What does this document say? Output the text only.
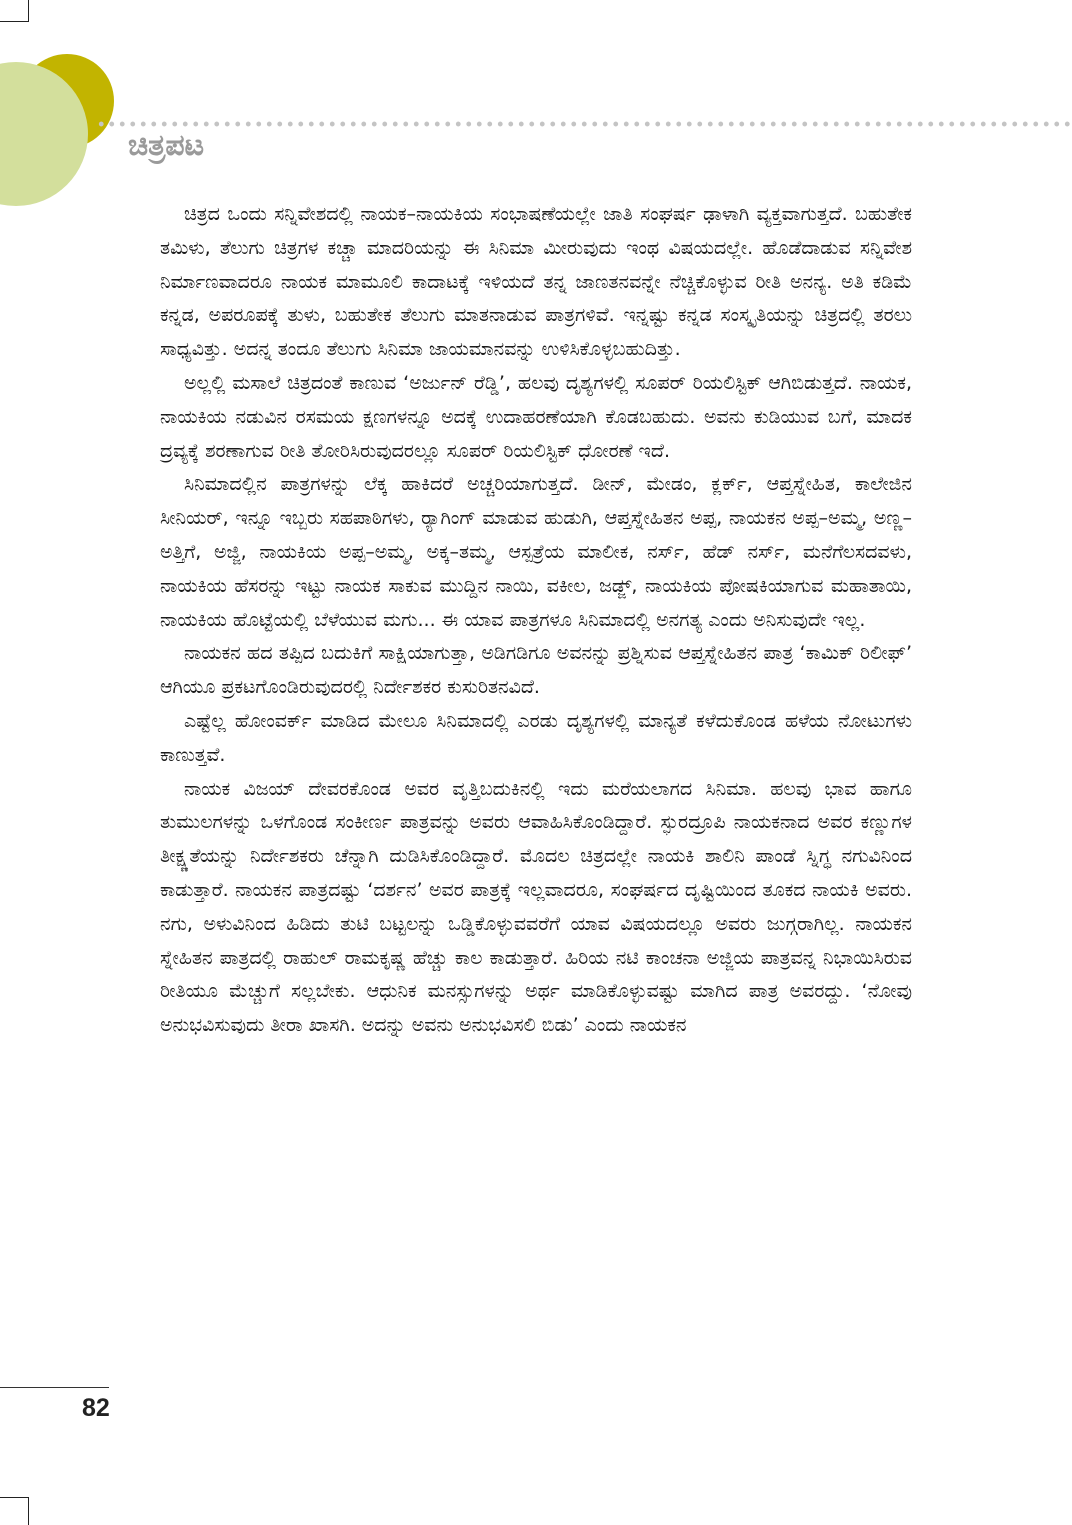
ಚಿತ್ರಪಟ

ಚಿತ್ರದ ಒಂದು ಸನ್ನಿವೇಶದಲ್ಲಿ ನಾಯಕ–ನಾಯಕಿಯ ಸಂಭಾಷಣೆಯಲ್ಲೇ ಜಾತಿ ಸಂಘರ್ಷ ಢಾಳಾಗಿ ವ್ಯಕ್ತವಾಗುತ್ತದೆ. ಬಹುತೇಕ ತಮಿಳು, ತೆಲುಗು ಚಿತ್ರಗಳ ಕಚ್ಚಾ ಮಾದರಿಯನ್ನು ಈ ಸಿನಿಮಾ ಮೀರುವುದು ಇಂಥ ವಿಷಯದಲ್ಲೇ. ಹೊಡೆದಾಡುವ ಸನ್ನಿವೇಶ ನಿರ್ಮಾಣವಾದರೂ ನಾಯಕ ಮಾಮೂಲಿ ಕಾದಾಟಕ್ಕೆ ಇಳಿಯದೆ ತನ್ನ ಜಾಣತನವನ್ನೇ ನೆಚ್ಚಿಕೊಳ್ಳುವ ರೀತಿ ಅನನ್ಯ. ಅತಿ ಕಡಿಮೆ ಕನ್ನಡ, ಅಪರೂಪಕ್ಕೆ ತುಳು, ಬಹುತೇಕ ತೆಲುಗು ಮಾತನಾಡುವ ಪಾತ್ರಗಳಿವೆ. ಇನ್ನಷ್ಟು ಕನ್ನಡ ಸಂಸ್ಕೃತಿಯನ್ನು ಚಿತ್ರದಲ್ಲಿ ತರಲು ಸಾಧ್ಯವಿತ್ತು. ಅದನ್ನ ತಂದೂ ತೆಲುಗು ಸಿನಿಮಾ ಜಾಯಮಾನವನ್ನು ಉಳಿಸಿಕೊಳ್ಳಬಹುದಿತ್ತು.

ಅಲ್ಲಲ್ಲಿ ಮಸಾಲೆ ಚಿತ್ರದಂತೆ ಕಾಣುವ ‘ಅರ್ಜುನ್ ರೆಡ್ಡಿ’, ಹಲವು ದೃಶ್ಯಗಳಲ್ಲಿ ಸೂಪರ್ ರಿಯಲಿಸ್ಟಿಕ್ ಆಗಿಬಿಡುತ್ತದೆ. ನಾಯಕ, ನಾಯಕಿಯ ನಡುವಿನ ರಸಮಯ ಕ್ಷಣಗಳನ್ನೂ ಅದಕ್ಕೆ ಉದಾಹರಣೆಯಾಗಿ ಕೊಡಬಹುದು. ಅವನು ಕುಡಿಯುವ ಬಗೆ, ಮಾದಕ ದ್ರವ್ಯಕ್ಕೆ ಶರಣಾಗುವ ರೀತಿ ತೋರಿಸಿರುವುದರಲ್ಲೂ ಸೂಪರ್ ರಿಯಲಿಸ್ಟಿಕ್ ಧೋರಣೆ ಇದೆ.

ಸಿನಿಮಾದಲ್ಲಿನ ಪಾತ್ರಗಳನ್ನು ಲೆಕ್ಕ ಹಾಕಿದರೆ ಅಚ್ಚರಿಯಾಗುತ್ತದೆ. ಡೀನ್, ಮೇಡಂ, ಕ್ಲರ್ಕ್, ಆಪ್ತಸ್ನೇಹಿತ, ಕಾಲೇಜಿನ ಸೀನಿಯರ್, ಇನ್ನೂ ಇಬ್ಬರು ಸಹಪಾಠಿಗಳು, ರ‍್ಯಾಗಿಂಗ್ ಮಾಡುವ ಹುಡುಗಿ, ಆಪ್ತಸ್ನೇಹಿತನ ಅಪ್ಪ, ನಾಯಕನ ಅಪ್ಪ–ಅಮ್ಮ, ಅಣ್ಣ–ಅತ್ತಿಗೆ, ಅಜ್ಜಿ, ನಾಯಕಿಯ ಅಪ್ಪ–ಅಮ್ಮ, ಅಕ್ಕ–ತಮ್ಮ, ಆಸ್ಪತ್ರೆಯ ಮಾಲೀಕ, ನರ್ಸ್, ಹೆಡ್ ನರ್ಸ್, ಮನೆಗೆಲಸದವಳು, ನಾಯಕಿಯ ಹೆಸರನ್ನು ಇಟ್ಟು ನಾಯಕ ಸಾಕುವ ಮುದ್ದಿನ ನಾಯಿ, ವಕೀಲ, ಜಡ್ಜ್, ನಾಯಕಿಯ ಪೋಷಕಿಯಾಗುವ ಮಹಾತಾಯಿ, ನಾಯಕಿಯ ಹೊಟ್ಟೆಯಲ್ಲಿ ಬೆಳೆಯುವ ಮಗು... ಈ ಯಾವ ಪಾತ್ರಗಳೂ ಸಿನಿಮಾದಲ್ಲಿ ಅನಗತ್ಯ ಎಂದು ಅನಿಸುವುದೇ ಇಲ್ಲ.

ನಾಯಕನ ಹದ ತಪ್ಪಿದ ಬದುಕಿಗೆ ಸಾಕ್ಷಿಯಾಗುತ್ತಾ, ಅಡಿಗಡಿಗೂ ಅವನನ್ನು ಪ್ರಶ್ನಿಸುವ ಆಪ್ತಸ್ನೇಹಿತನ ಪಾತ್ರ ‘ಕಾಮಿಕ್ ರಿಲೀಫ್’ ಆಗಿಯೂ ಪ್ರಕಟಗೊಂಡಿರುವುದರಲ್ಲಿ ನಿರ್ದೇಶಕರ ಕುಸುರಿತನವಿದೆ.

ಎಷ್ಟೆಲ್ಲ ಹೋಂವರ್ಕ್ ಮಾಡಿದ ಮೇಲೂ ಸಿನಿಮಾದಲ್ಲಿ ಎರಡು ದೃಶ್ಯಗಳಲ್ಲಿ ಮಾನ್ಯತೆ ಕಳೆದುಕೊಂಡ ಹಳೆಯ ನೋಟುಗಳು ಕಾಣುತ್ತವೆ.

ನಾಯಕ ವಿಜಯ್ ದೇವರಕೊಂಡ ಅವರ ವೃತ್ತಿಬದುಕಿನಲ್ಲಿ ಇದು ಮರೆಯಲಾಗದ ಸಿನಿಮಾ. ಹಲವು ಭಾವ ಹಾಗೂ ತುಮುಲಗಳನ್ನು ಒಳಗೊಂಡ ಸಂಕೀರ್ಣ ಪಾತ್ರವನ್ನು ಅವರು ಆವಾಹಿಸಿಕೊಂಡಿದ್ದಾರೆ. ಸ್ಫುರದ್ರೂಪಿ ನಾಯಕನಾದ ಅವರ ಕಣ್ಣುಗಳ ತೀಕ್ಷ್ಣತೆಯನ್ನು ನಿರ್ದೇಶಕರು ಚೆನ್ನಾಗಿ ದುಡಿಸಿಕೊಂಡಿದ್ದಾರೆ. ಮೊದಲ ಚಿತ್ರದಲ್ಲೇ ನಾಯಕಿ ಶಾಲಿನಿ ಪಾಂಡೆ ಸ್ನಿಗ್ಧ ನಗುವಿನಿಂದ ಕಾಡುತ್ತಾರೆ. ನಾಯಕನ ಪಾತ್ರದಷ್ಟು ‘ದರ್ಶನ’ ಅವರ ಪಾತ್ರಕ್ಕೆ ಇಲ್ಲವಾದರೂ, ಸಂಘರ್ಷದ ದೃಷ್ಟಿಯಿಂದ ತೂಕದ ನಾಯಕಿ ಅವರು. ನಗು, ಅಳುವಿನಿಂದ ಹಿಡಿದು ತುಟಿ ಬಟ್ಟಲನ್ನು ಒಡ್ಡಿಕೊಳ್ಳುವವರೆಗೆ ಯಾವ ವಿಷಯದಲ್ಲೂ ಅವರು ಜುಗ್ಗರಾಗಿಲ್ಲ. ನಾಯಕನ ಸ್ನೇಹಿತನ ಪಾತ್ರದಲ್ಲಿ ರಾಹುಲ್ ರಾಮಕೃಷ್ಣ ಹೆಚ್ಚು ಕಾಲ ಕಾಡುತ್ತಾರೆ. ಹಿರಿಯ ನಟಿ ಕಾಂಚನಾ ಅಜ್ಜಿಯ ಪಾತ್ರವನ್ನ ನಿಭಾಯಿಸಿರುವ ರೀತಿಯೂ ಮೆಚ್ಚುಗೆ ಸಲ್ಲಬೇಕು. ಆಧುನಿಕ ಮನಸ್ಸುಗಳನ್ನು ಅರ್ಥ ಮಾಡಿಕೊಳ್ಳುವಷ್ಟು ಮಾಗಿದ ಪಾತ್ರ ಅವರದ್ದು. ‘ನೋವು ಅನುಭವಿಸುವುದು ತೀರಾ ಖಾಸಗಿ. ಅದನ್ನು ಅವನು ಅನುಭವಿಸಲಿ ಬಿಡು’ ಎಂದು ನಾಯಕನ

82
